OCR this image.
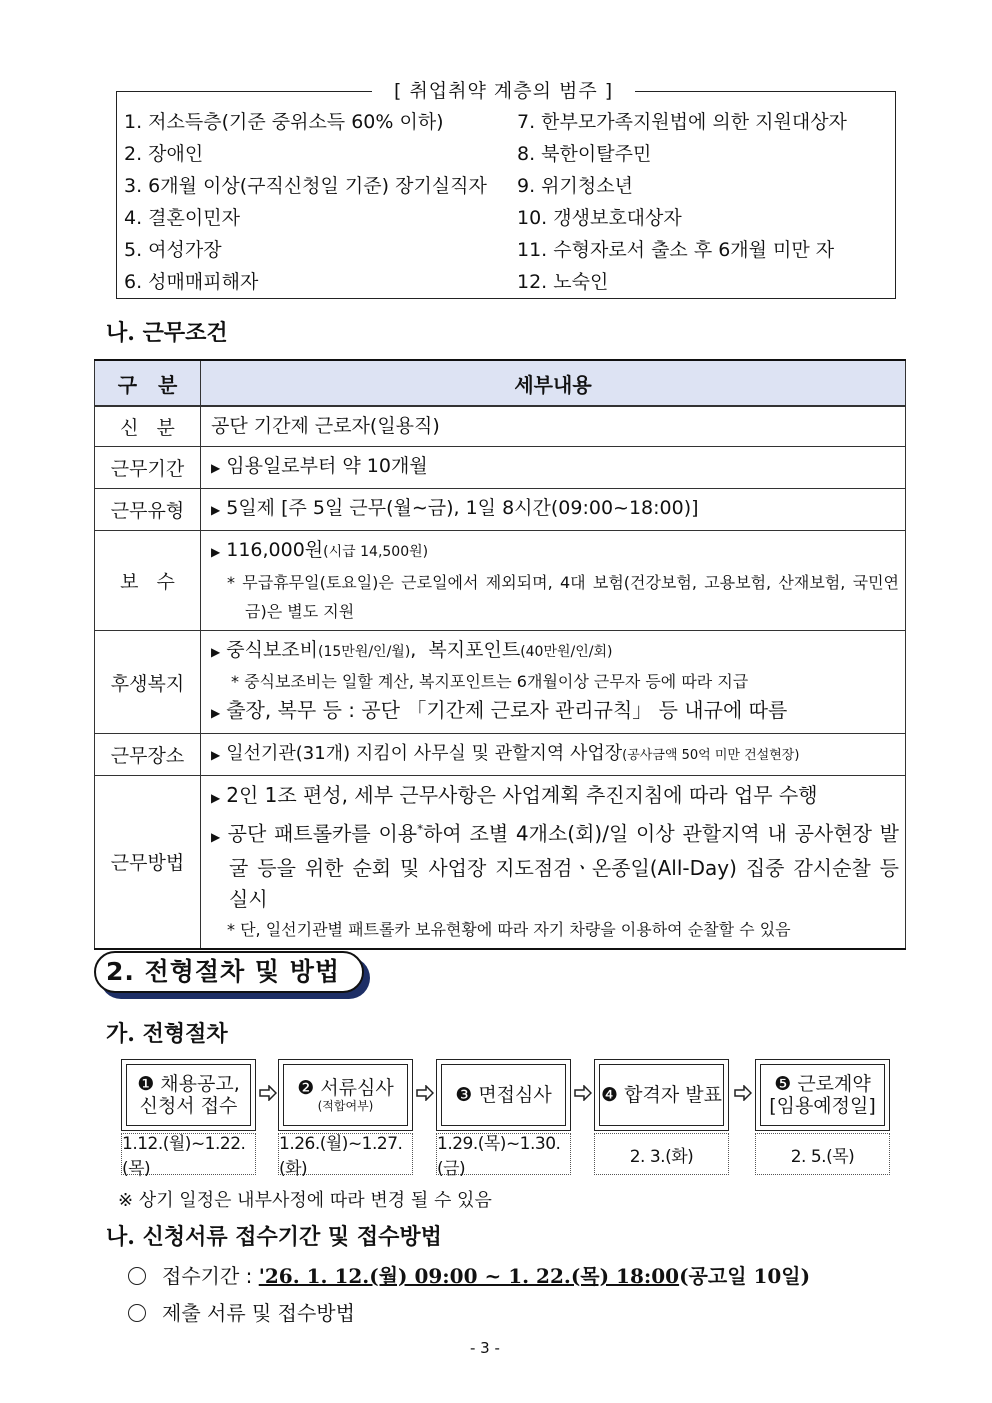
[ 취업취약 계층의 범주 ]
1. 저소득층(기준 중위소득 60% 이하)	7. 한부모가족지원법에 의한 지원대상자
2. 장애인	8. 북한이탈주민
3. 6개월 이상(구직신청일 기준) 장기실직자	9. 위기청소년
4. 결혼이민자	10. 갱생보호대상자
5. 여성가장	11. 수형자로서 출소 후 6개월 미만 자
6. 성매매피해자	12. 노숙인
나. 근무조건
구   분	세부내용
신   분	공단 기간제 근로자(일용직)
근무기간	▶ 임용일로부터 약 10개월
근무유형	▶ 5일제 [주 5일 근무(월∼금), 1일 8시간(09:00~18:00)]
보   수	▶ 116,000원(시급 14,500원)
* 무급휴무일(토요일)은 근로일에서 제외되며, 4대 보험(건강보험, 고용보험, 산재보험, 국민연금)은 별도 지원

후생복지	▶ 중식보조비(15만원/인/월),  복지포인트(40만원/인/회)
* 중식보조비는 일할 계산, 복지포인트는 6개월이상 근무자 등에 따라 지급
▶ 출장, 복무 등 : 공단 「기간제 근로자 관리규칙」 등 내규에 따름

근무장소	▶ 일선기관(31개) 지킴이 사무실 및 관할지역 사업장(공사금액 50억 미만 건설현장)
근무방법	▶ 2인 1조 편성, 세부 근무사항은 사업계획 추진지침에 따라 업무 수행
▶ 공단 패트롤카를 이용*하여 조별 4개소(회)/일 이상 관할지역 내 공사현장 발굴 등을 위한 순회 및 사업장 지도점검ㆍ온종일(All-Day) 집중 감시순찰 등 실시
* 단, 일선기관별 패트롤카 보유현황에 따라 자기 차량을 이용하여 순찰할 수 있음
2. 전형절차 및 방법
가. 전형절차
❶ 채용공고,
신청서 접수
❷ 서류심사
(적합여부)	❸ 면접심사	❹ 합격자 발표	❺ 근로계약
[임용예정일]
1.12.(월)~1.22.(목)
1.26.(월)~1.27.(화)
1.29.(목)~1.30.(금)
2. 3.(화)	2. 5.(목)
※ 상기 일정은 내부사정에 따라 변경 될 수 있음
나. 신청서류 접수기간 및 접수방법
접수기간 : '26. 1. 12.(월) 09:00 ~ 1. 22.(목) 18:00(공고일 10일)
제출 서류 및 접수방법
- 3 -
